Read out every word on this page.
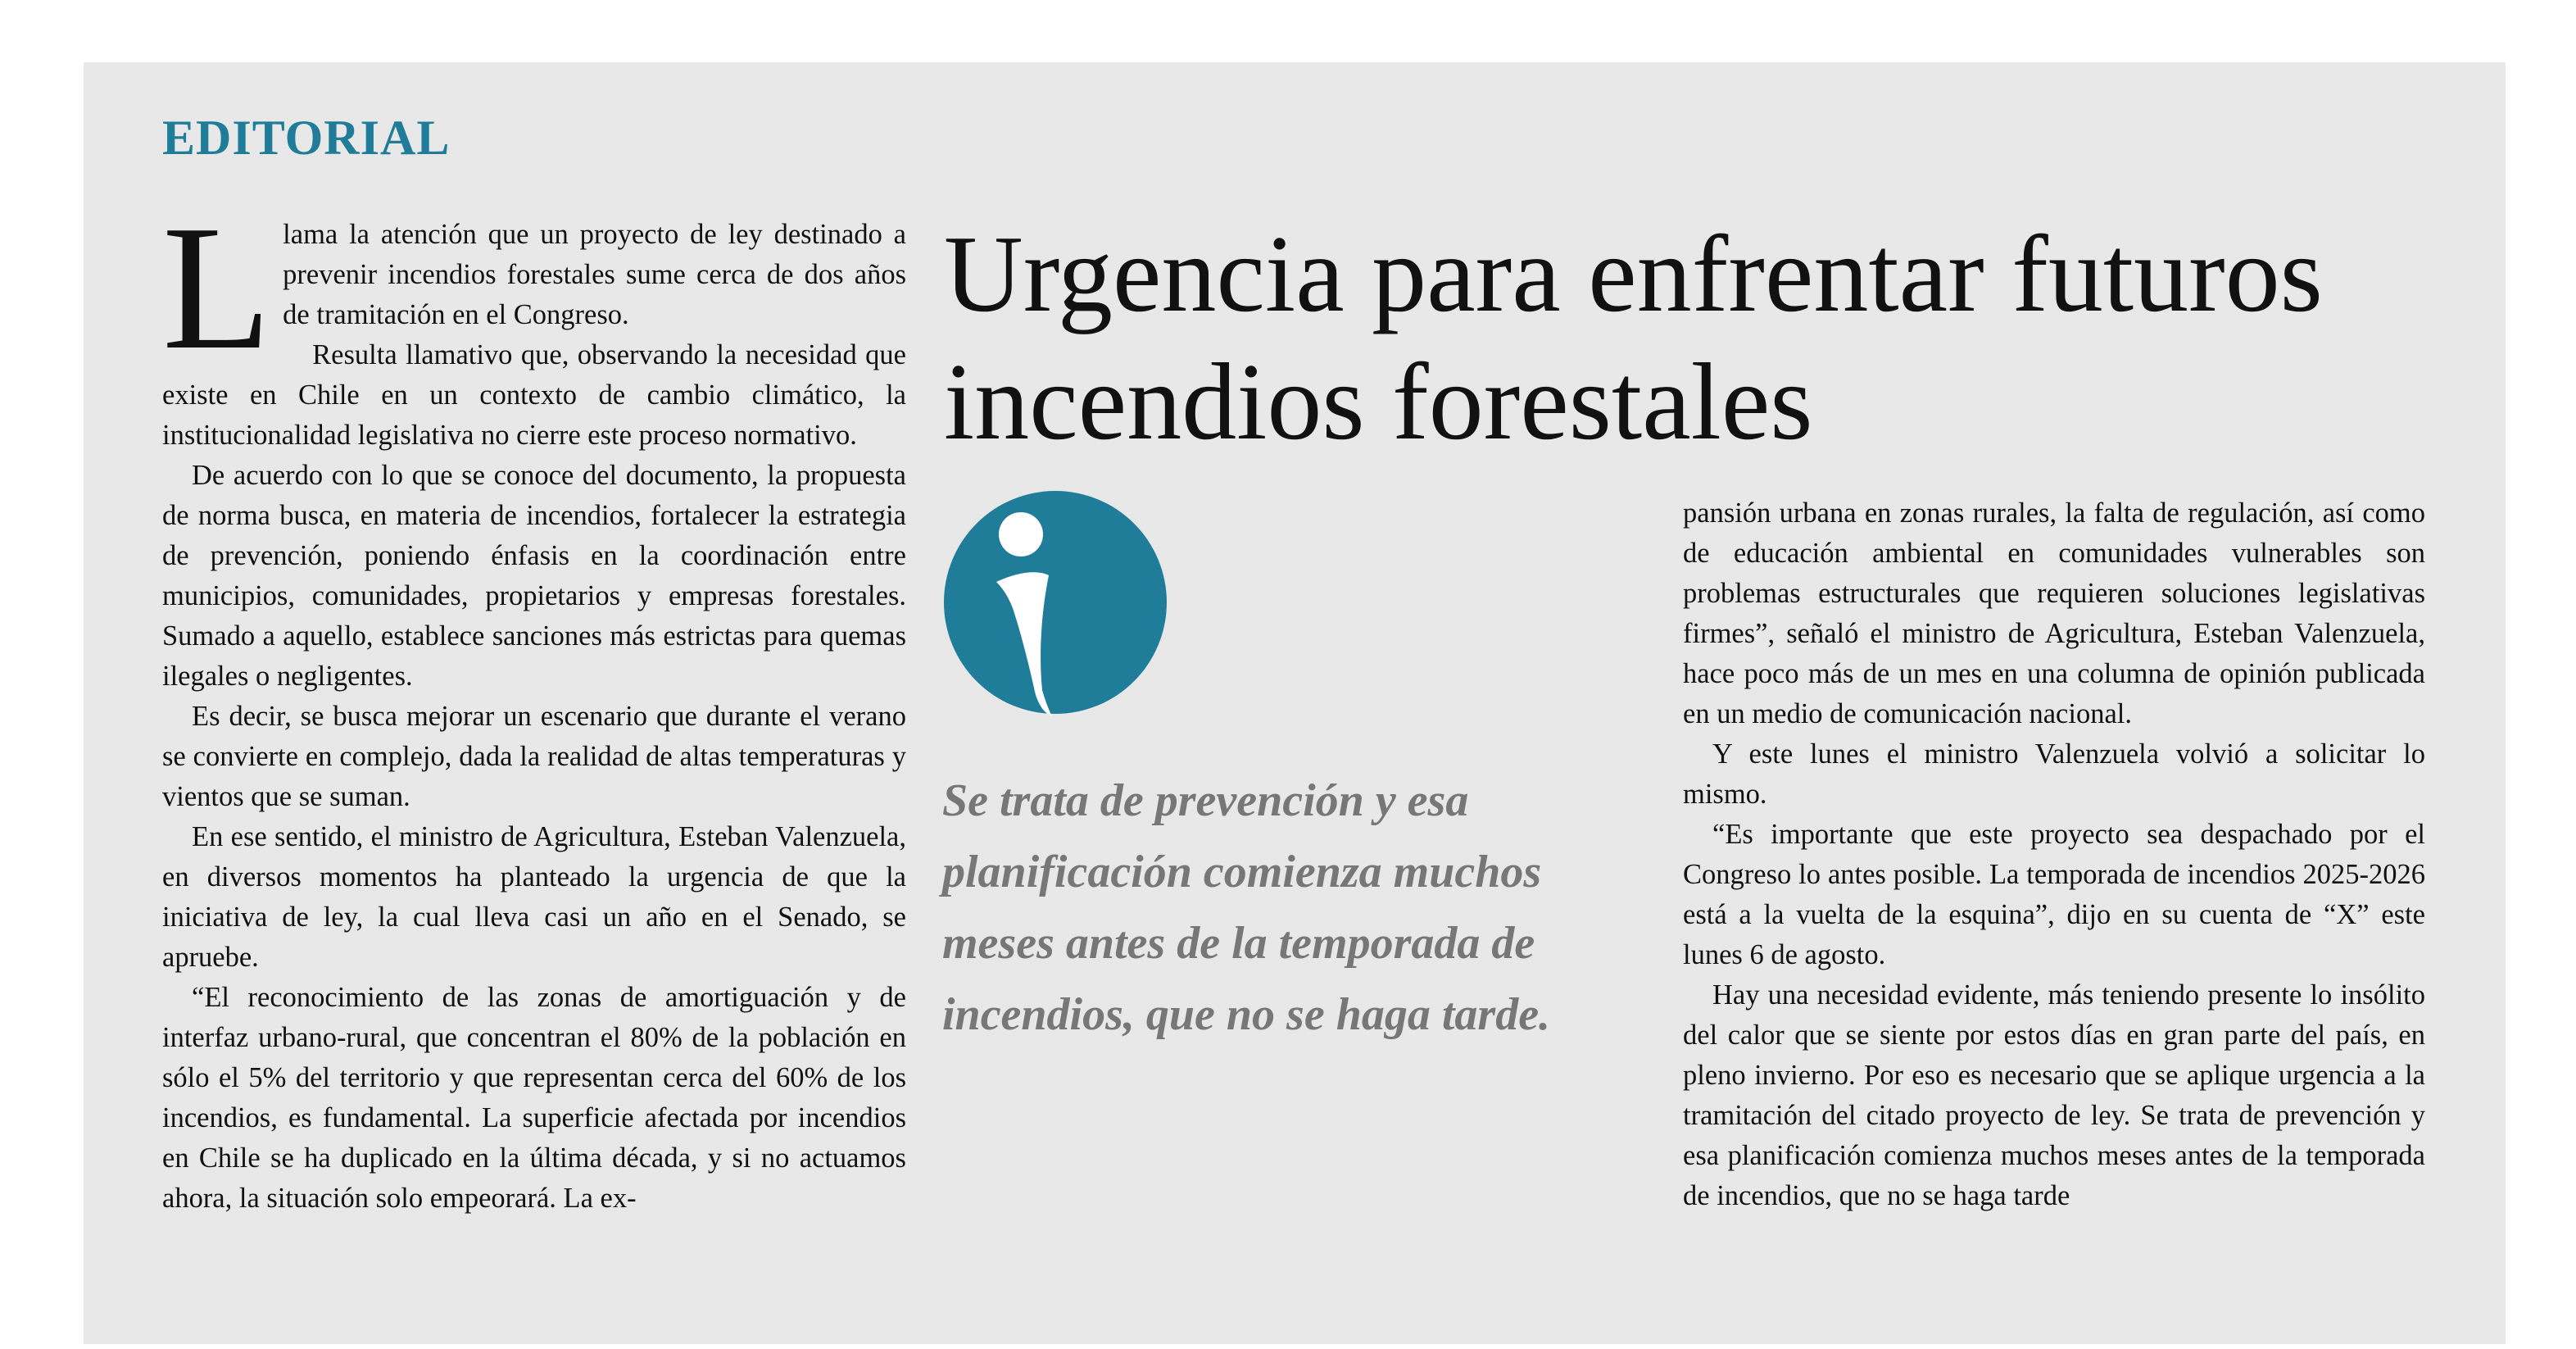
EDITORIAL

Llama la atención que un proyecto de ley destinado a prevenir incendios forestales sume cerca de dos años de tramitación en el Congreso.

Resulta llamativo que, observando la necesidad que existe en Chile en un contexto de cambio climático, la institucionalidad legislativa no cierre este proceso normativo.

De acuerdo con lo que se conoce del documento, la propuesta de norma busca, en materia de incendios, fortalecer la estrategia de prevención, poniendo énfasis en la coordinación entre municipios, comunidades, propietarios y empresas forestales. Sumado a aquello, establece sanciones más estrictas para quemas ilegales o negligentes.

Es decir, se busca mejorar un escenario que durante el verano se convierte en complejo, dada la realidad de altas temperaturas y vientos que se suman.

En ese sentido, el ministro de Agricultura, Esteban Valenzuela, en diversos momentos ha planteado la urgencia de que la iniciativa de ley, la cual lleva casi un año en el Senado, se apruebe.

“El reconocimiento de las zonas de amortiguación y de interfaz urbano-rural, que concentran el 80% de la población en sólo el 5% del territorio y que representan cerca del 60% de los incendios, es fundamental. La superficie afectada por incendios en Chile se ha duplicado en la última década, y si no actuamos ahora, la situación solo empeorará. La ex-

Urgencia para enfrentar futuros incendios forestales

Se trata de prevención y esa planificación comienza muchos meses antes de la temporada de incendios, que no se haga tarde.

pansión urbana en zonas rurales, la falta de regulación, así como de educación ambiental en comunidades vulnerables son problemas estructurales que requieren soluciones legislativas firmes”, señaló el ministro de Agricultura, Esteban Valenzuela, hace poco más de un mes en una columna de opinión publicada en un medio de comunicación nacional.

Y este lunes el ministro Valenzuela volvió a solicitar lo mismo.

“Es importante que este proyecto sea despachado por el Congreso lo antes posible. La temporada de incendios 2025-2026 está a la vuelta de la esquina”, dijo en su cuenta de “X” este lunes 6 de agosto.

Hay una necesidad evidente, más teniendo presente lo insólito del calor que se siente por estos días en gran parte del país, en pleno invierno. Por eso es necesario que se aplique urgencia a la tramitación del citado proyecto de ley. Se trata de prevención y esa planificación comienza muchos meses antes de la temporada de incendios, que no se haga tarde
